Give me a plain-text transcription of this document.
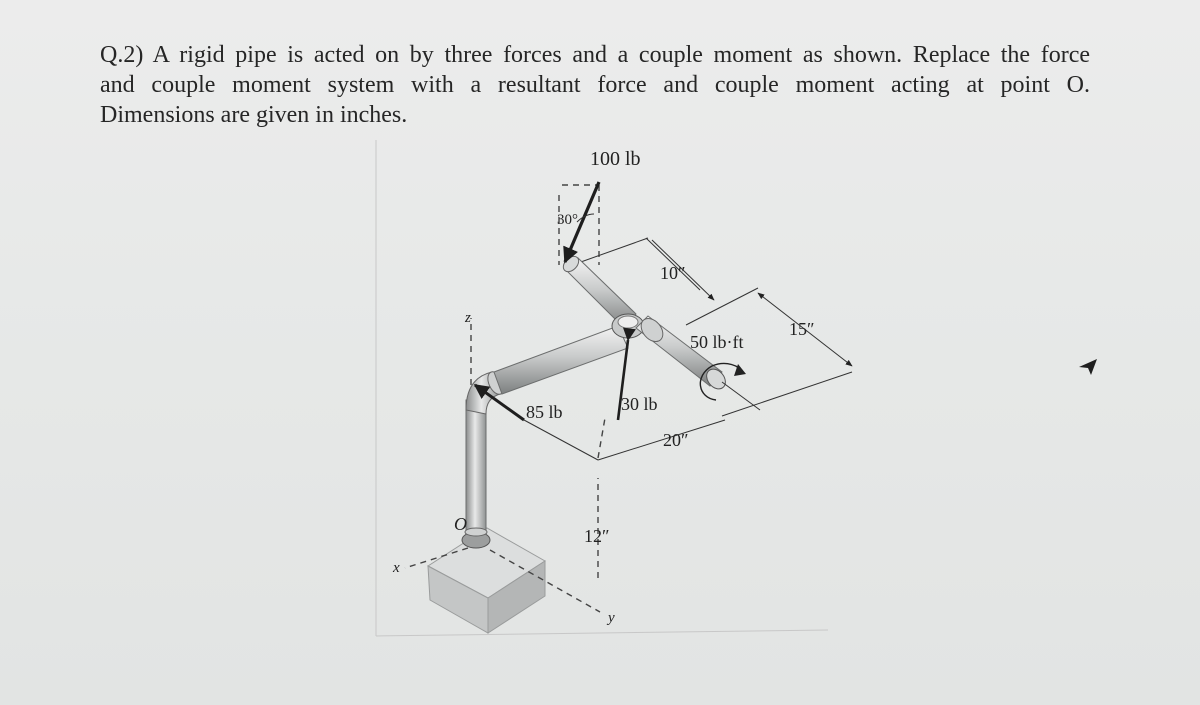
Q.2) A rigid pipe is acted on by three forces and a couple moment as shown. Replace the force
and couple moment system with a resultant force and couple moment acting at point O.
Dimensions are given in inches.
100 lb
30°
10″
15″
50 lb·ft
85 lb	30 lb
20″
12″
z
x
y
O
